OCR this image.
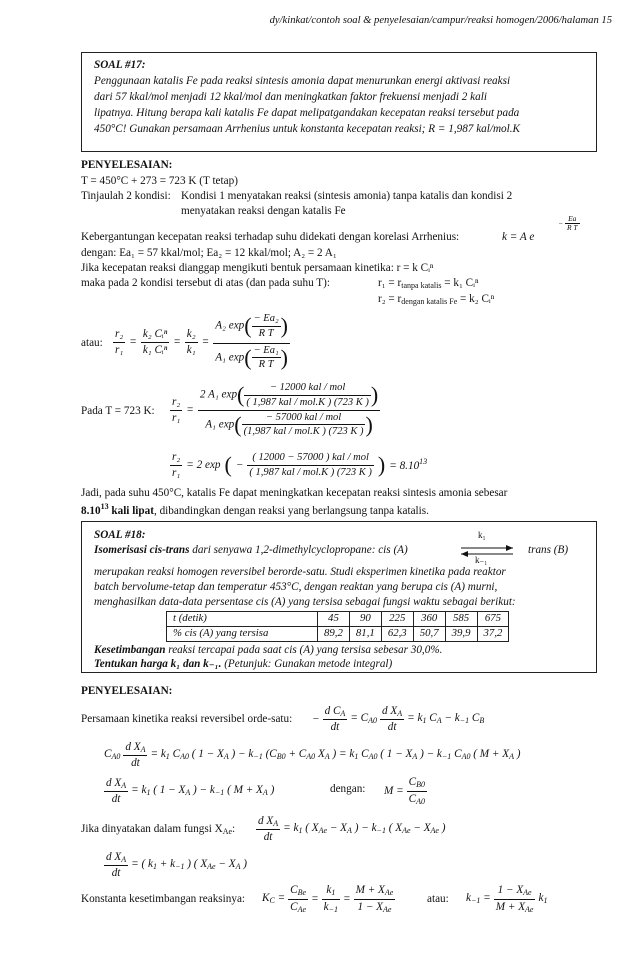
dy/kinkat/contoh soal & penyelesaian/campur/reaksi homogen/2006/halaman 15
SOAL #17:
Penggunaan katalis Fe pada reaksi sintesis amonia dapat menurunkan energi aktivasi reaksi
dari 57 kkal/mol menjadi 12 kkal/mol dan meningkatkan faktor frekuensi menjadi 2 kali
lipatnya. Hitung berapa kali katalis Fe dapat melipatgandakan kecepatan reaksi tersebut pada
450°C! Gunakan persamaan Arrhenius untuk konstanta kecepatan reaksi; R = 1,987 kal/mol.K
PENYELESAIAN:
T = 450°C + 273 = 723 K (T tetap)
Tinjaulah 2 kondisi: Kondisi 1 menyatakan reaksi (sintesis amonia) tanpa katalis dan kondisi 2
menyatakan reaksi dengan katalis Fe
Kebergantungan kecepatan reaksi terhadap suhu didekati dengan korelasi Arrhenius:	k = A e
− $\frac{Ea}{\text{R T}}$
dengan: Ea₁ = 57 kkal/mol; Ea₂ = 12 kkal/mol; A₂ = 2 A₁
Jika kecepatan reaksi dianggap mengikuti bentuk persamaan kinetika: r = k Cᵢⁿ
maka pada 2 kondisi tersebut di atas (dan pada suhu T):	$r_1 = r_{tanpa katalis} = k_1$ Cᵢⁿ
$r_2 = r_{dengan katalis Fe} = k_2$ Cᵢⁿ
atau: $\frac{\text{r₂}}{\text{r₁}} = \frac{\text{k₂ Cᵢⁿ}}{\text{k₁ Cᵢⁿ}} = \frac{\text{k₂}}{\text{k₁}} = \frac{A_2 \exp( \frac{\text{− Ea₂}}{\text{R T}} )}{A_1 \exp( \frac{\text{− Ea₁}}{\text{R T}} )}$
Pada T = 723 K: $\frac{\text{r₂}}{\text{r₁}} = \frac{2 A_1 \exp( \frac{\text{− 12000 kal / mol}}{\text{( 1,987 kal / mol.K ) (723 K )}} )}{A_1 \exp( \frac{\text{− 57000 kal / mol}}{\text{(1,987 kal / mol.K ) (723 K )}} )}$
$\frac{\text{r₂}}{\text{r₁}} = 2$ exp ( − $\frac{\text{( 12000 − 57000 ) kal / mol}}{\text{( 1,987 kal / mol.K ) (723 K )}}$ ) = $8.10^{13}$
Jadi, pada suhu 450°C, katalis Fe dapat meningkatkan kecepatan reaksi sintesis amonia sebesar
8.10$^{13}$ kali lipat, dibandingkan dengan reaksi yang berlangsung tanpa katalis.
SOAL #18:
Isomerisasi cis-trans dari senyawa 1,2-dimethylcyclopropane: cis (A)
k₁
k₋₁
trans (B)
merupakan reaksi homogen reversibel berorde-satu. Studi eksperimen kinetika pada reaktor
batch bervolume-tetap dan temperatur 453°C, dengan reaktan yang berupa cis (A) murni,
menghasilkan data-data persentase cis (A) yang tersisa sebagai fungsi waktu sebagai berikut:
t (detik)	45	90	225	360	585	675
% cis (A) yang tersisa	89,2	81,1	62,3	50,7	39,9	37,2
Kesetimbangan reaksi tercapai pada saat cis (A) yang tersisa sebesar 30,0%.
Tentukan harga k₁ dan k₋₁. (Petunjuk: Gunakan metode integral)
PENYELESAIAN:
Persamaan kinetika reaksi reversibel orde-satu: − $\frac{d C_A}{dt} = C_{A0} \frac{d X_A}{dt} = k_1$ $C_A - k_{-1}$ $C_B$
$C_{A0} \frac{d X_A}{dt} = k_1$ $C_{A0}$ ( $1 - X_A$ ) − $k_{-1}$ ($C_{B0} + C_{A0}$ $X_A$ ) = $k_1$ $C_{A0}$ ( $1 - X_A$ ) − $k_{-1}$ $C_{A0}$ ( $M + X_A$ )
$\frac{d X_A}{dt} = k_1$ ( $1 - X_A$ ) − $k_{-1}$ ( $M + X_A$ )	dengan: $M = \frac{C_{B0}}{C_{A0}}$
Jika dinyatakan dalam fungsi $X_{Ae}$: $\frac{d X_A}{dt} = k_1$ ( $X_{Ae} - X_A$ ) − $k_{-1}$ ( $X_{Ae} - X_{Ae}$ )
$\frac{d X_A}{dt}$ = ( $k_1 + k_{-1}$ ) ( $X_{Ae} - X_A$ )
Konstanta kesetimbangan reaksinya: $K_C = \frac{C_{Be}}{C_{Ae}} = \frac{k_1}{k_{-1}} = \frac{M + X_{Ae}}{1 - X_{Ae}}$	atau: $k_{-1} = \frac{1 - X_{Ae}}{M + X_{Ae}} k_1$
